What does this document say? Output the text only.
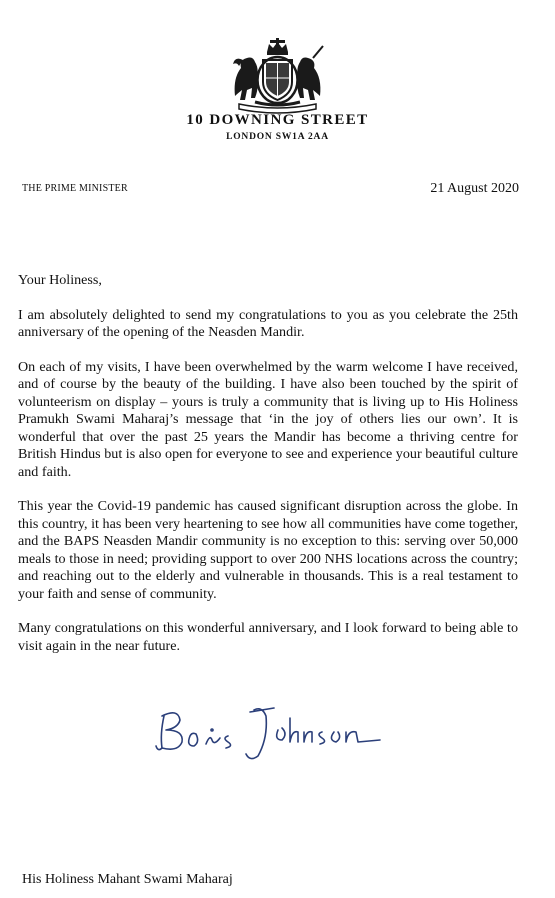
10 DOWNING STREET
LONDON SW1A 2AA
THE PRIME MINISTER	21 August 2020

Your Holiness,

I am absolutely delighted to send my congratulations to you as you celebrate the 25th anniversary of the opening of the Neasden Mandir.

On each of my visits, I have been overwhelmed by the warm welcome I have received, and of course by the beauty of the building. I have also been touched by the spirit of volunteerism on display – yours is truly a community that is living up to His Holiness Pramukh Swami Maharaj’s message that ‘in the joy of others lies our own’. It is wonderful that over the past 25 years the Mandir has become a thriving centre for British Hindus but is also open for everyone to see and experience your beautiful culture and faith.

This year the Covid-19 pandemic has caused significant disruption across the globe. In this country, it has been very heartening to see how all communities have come together, and the BAPS Neasden Mandir community is no exception to this: serving over 50,000 meals to those in need; providing support to over 200 NHS locations across the country; and reaching out to the elderly and vulnerable in thousands. This is a real testament to your faith and sense of community.

Many congratulations on this wonderful anniversary, and I look forward to being able to visit again in the near future.

His Holiness Mahant Swami Maharaj
